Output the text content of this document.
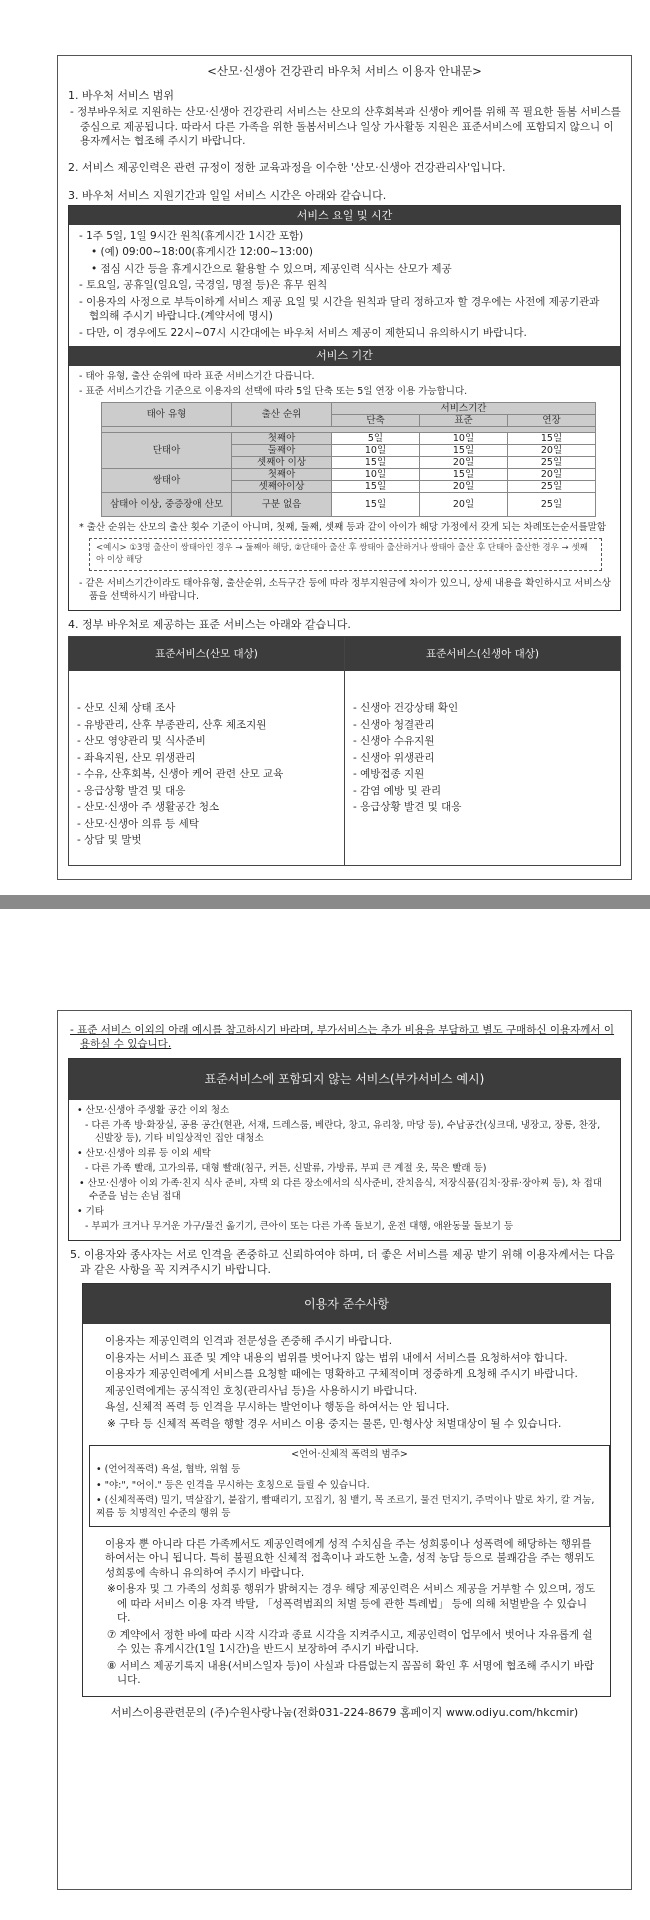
<산모·신생아 건강관리 바우처 서비스 이용자 안내문>
1. 바우처 서비스 범위
- 정부바우처로 지원하는 산모·신생아 건강관리 서비스는 산모의 산후회복과 신생아 케어를 위해 꼭 필요한 돌봄 서비스를 중심으로 제공됩니다. 따라서 다른 가족을 위한 돌봄서비스나 일상 가사활동 지원은 표준서비스에 포함되지 않으니 이용자께서는 협조해 주시기 바랍니다.
2. 서비스 제공인력은 관련 규정이 정한 교육과정을 이수한 '산모·신생아 건강관리사'입니다.
3. 바우처 서비스 지원기간과 일일 서비스 시간은 아래와 같습니다.
서비스 요일 및 시간
- 1주 5일, 1일 9시간 원칙(휴게시간 1시간 포함)
• (예) 09:00~18:00(휴게시간 12:00~13:00)
• 점심 시간 등을 휴게시간으로 활용할 수 있으며, 제공인력 식사는 산모가 제공
- 토요일, 공휴일(일요일, 국경일, 명절 등)은 휴무 원칙
- 이용자의 사정으로 부득이하게 서비스 제공 요일 및 시간을 원칙과 달리 정하고자 할 경우에는 사전에 제공기관과 협의해 주시기 바랍니다.(계약서에 명시)
- 다만, 이 경우에도 22시~07시 시간대에는 바우처 서비스 제공이 제한되니 유의하시기 바랍니다.
서비스 기간
- 태아 유형, 출산 순위에 따라 표준 서비스기간 다릅니다.
- 표준 서비스기간을 기준으로 이용자의 선택에 따라 5일 단축 또는 5일 연장 이용 가능합니다.
태아 유형	출산 순위	서비스기간		
		단축	표준	연장

단태아	첫째아	5일	10일	15일
	둘째아	10일	15일	20일
	셋째아 이상	15일	20일	25일
쌍태아	첫째아	10일	15일	20일
	셋째아이상	15일	20일	25일
삼태아 이상, 중증장애 산모	구분 없음	15일	20일	25일
* 출산 순위는 산모의 출산 횟수 기준이 아니며, 첫째, 둘째, 셋째 등과 같이 아이가 해당 가정에서 갖게 되는 차례또는순서를말함
<예시> ①3명 출산이 쌍태아인 경우 → 둘째아 해당, ②단태아 출산 후 쌍태아 출산하거나 쌍태아 출산 후 단태아 출산한 경우 → 셋째아 이상 해당
- 같은 서비스기간이라도 태아유형, 출산순위, 소득구간 등에 따라 정부지원금에 차이가 있으니, 상세 내용을 확인하시고 서비스상품을 선택하시기 바랍니다.
4. 정부 바우처로 제공하는 표준 서비스는 아래와 같습니다.
표준서비스(산모 대상)
- 산모 신체 상태 조사
- 유방관리, 산후 부종관리, 산후 체조지원
- 산모 영양관리 및 식사준비
- 좌욕지원, 산모 위생관리
- 수유, 산후회복, 신생아 케어 관련 산모 교육
- 응급상황 발견 및 대응
- 산모·신생아 주 생활공간 청소
- 산모·신생아 의류 등 세탁
- 상담 및 말벗
표준서비스(신생아 대상)
- 신생아 건강상태 확인
- 신생아 청결관리
- 신생아 수유지원
- 신생아 위생관리
- 예방접종 지원
- 감염 예방 및 관리
- 응급상황 발견 및 대응
- 표준 서비스 이외의 아래 예시를 참고하시기 바라며, 부가서비스는 추가 비용을 부담하고 별도 구매하신 이용자께서 이용하실 수 있습니다.
표준서비스에 포함되지 않는 서비스(부가서비스 예시)
• 산모·신생아 주생활 공간 이외 청소
- 다른 가족 방·화장실, 공용 공간(현관, 서재, 드레스룸, 베란다, 창고, 유리창, 마당 등), 수납공간(싱크대, 냉장고, 장롱, 찬장, 신발장 등), 기타 비일상적인 집안 대청소
• 산모·신생아 의류 등 이외 세탁
- 다른 가족 빨래, 고가의류, 대형 빨래(침구, 커튼, 신발류, 가방류, 부피 큰 계절 옷, 묵은 빨래 등)
• 산모·신생아 이외 가족·친지 식사 준비, 자택 외 다른 장소에서의 식사준비, 잔치음식, 저장식품(김치·장류·장아찌 등), 차 접대 수준을 넘는 손님 접대
• 기타
- 부피가 크거나 무거운 가구/물건 옮기기, 큰아이 또는 다른 가족 돌보기, 운전 대행, 애완동물 돌보기 등
5. 이용자와 종사자는 서로 인격을 존중하고 신뢰하여야 하며, 더 좋은 서비스를 제공 받기 위해 이용자께서는 다음과 같은 사항을 꼭 지켜주시기 바랍니다.
이용자 준수사항
이용자는 제공인력의 인격과 전문성을 존중해 주시기 바랍니다.
이용자는 서비스 표준 및 계약 내용의 범위를 벗어나지 않는 범위 내에서 서비스를 요청하셔야 합니다.
이용자가 제공인력에게 서비스를 요청할 때에는 명확하고 구체적이며 정중하게 요청해 주시기 바랍니다.
제공인력에게는 공식적인 호칭(관리사님 등)을 사용하시기 바랍니다.
욕설, 신체적 폭력 등 인격을 무시하는 발언이나 행동을 하여서는 안 됩니다.
※ 구타 등 신체적 폭력을 행할 경우 서비스 이용 중지는 물론, 민·형사상 처벌대상이 될 수 있습니다.
<언어·신체적 폭력의 범주>
• (언어적폭력) 욕설, 협박, 위협 등
• "야:", "어이." 등은 인격을 무시하는 호칭으로 들릴 수 있습니다.
• (신체적폭력) 밀기, 멱살잡기, 붙잡기, 빰때리기, 꼬집기, 침 뱉기, 목 조르기, 물건 던지기, 주먹이나 발로 차기, 칼 겨눔, 찌름 등 치명적인 수준의 행위 등
이용자 뿐 아니라 다른 가족께서도 제공인력에게 성적 수치심을 주는 성희롱이나 성폭력에 해당하는 행위를 하여서는 아니 됩니다. 특히 불필요한 신체적 접촉이나 과도한 노출, 성적 농담 등으로 불쾌감을 주는 행위도 성희롱에 속하니 유의하여 주시기 바랍니다.
※이용자 및 그 가족의 성희롱 행위가 밝혀지는 경우 해당 제공인력은 서비스 제공을 거부할 수 있으며, 정도에 따라 서비스 이용 자격 박탈, 「성폭력범죄의 처벌 등에 관한 특례법」 등에 의해 처벌받을 수 있습니다.
⑦ 계약에서 정한 바에 따라 시작 시각과 종료 시각을 지켜주시고, 제공인력이 업무에서 벗어나 자유롭게 쉴 수 있는 휴게시간(1일 1시간)을 반드시 보장하여 주시기 바랍니다.
⑧ 서비스 제공기록지 내용(서비스일자 등)이 사실과 다름없는지 꼼꼼히 확인 후 서명에 협조해 주시기 바랍니다.
서비스이용관련문의 (주)수원사랑나눔(전화031-224-8679 홈페이지 www.odiyu.com/hkcmir)
